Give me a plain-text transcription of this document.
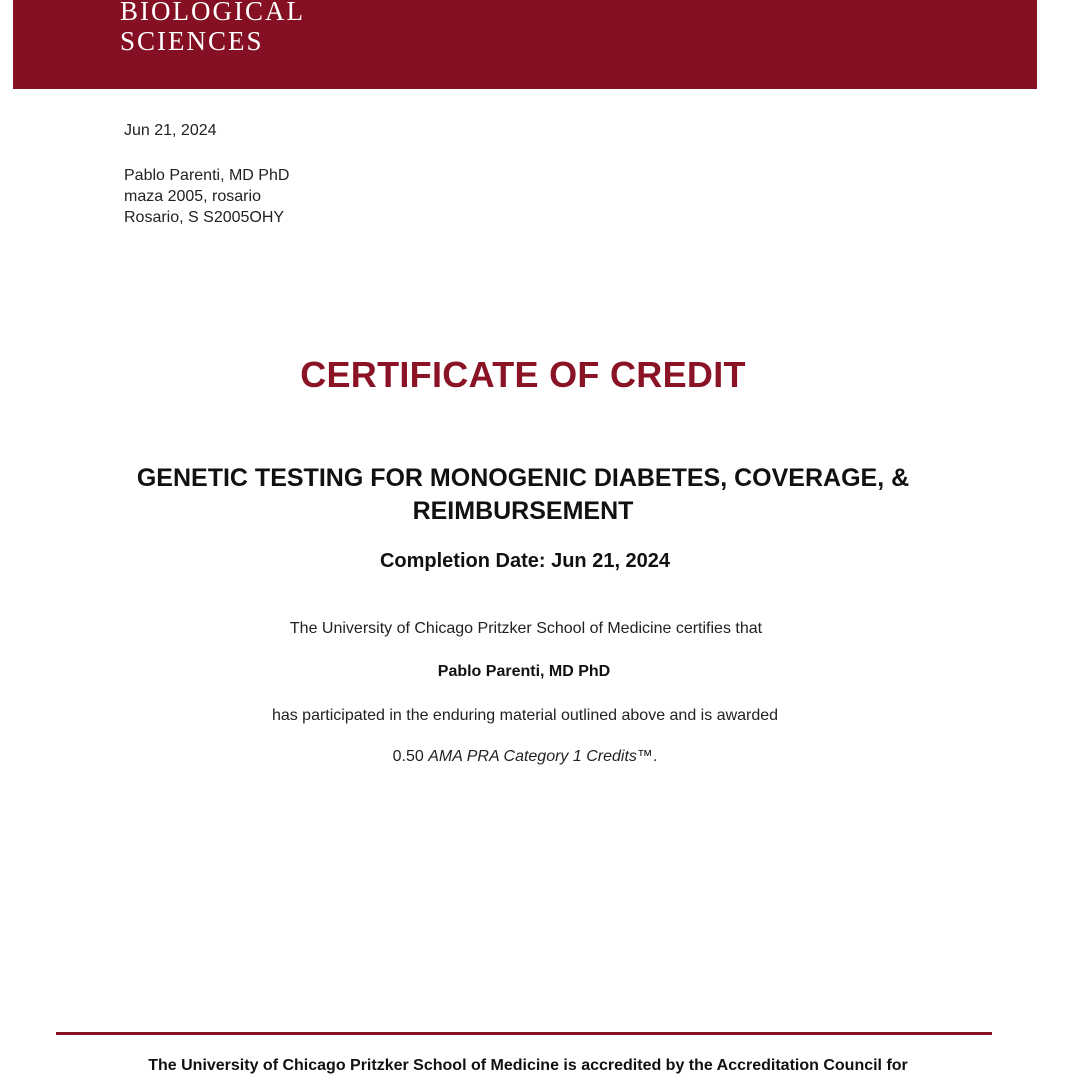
BIOLOGICAL
SCIENCES
Jun 21, 2024
Pablo Parenti, MD PhD
maza 2005, rosario
Rosario, S S2005OHY
CERTIFICATE OF CREDIT
GENETIC TESTING FOR MONOGENIC DIABETES, COVERAGE, & REIMBURSEMENT
Completion Date: Jun 21, 2024
The University of Chicago Pritzker School of Medicine certifies that
Pablo Parenti, MD PhD
has participated in the enduring material outlined above and is awarded
0.50 AMA PRA Category 1 Credits™.
The University of Chicago Pritzker School of Medicine is accredited by the Accreditation Council for
